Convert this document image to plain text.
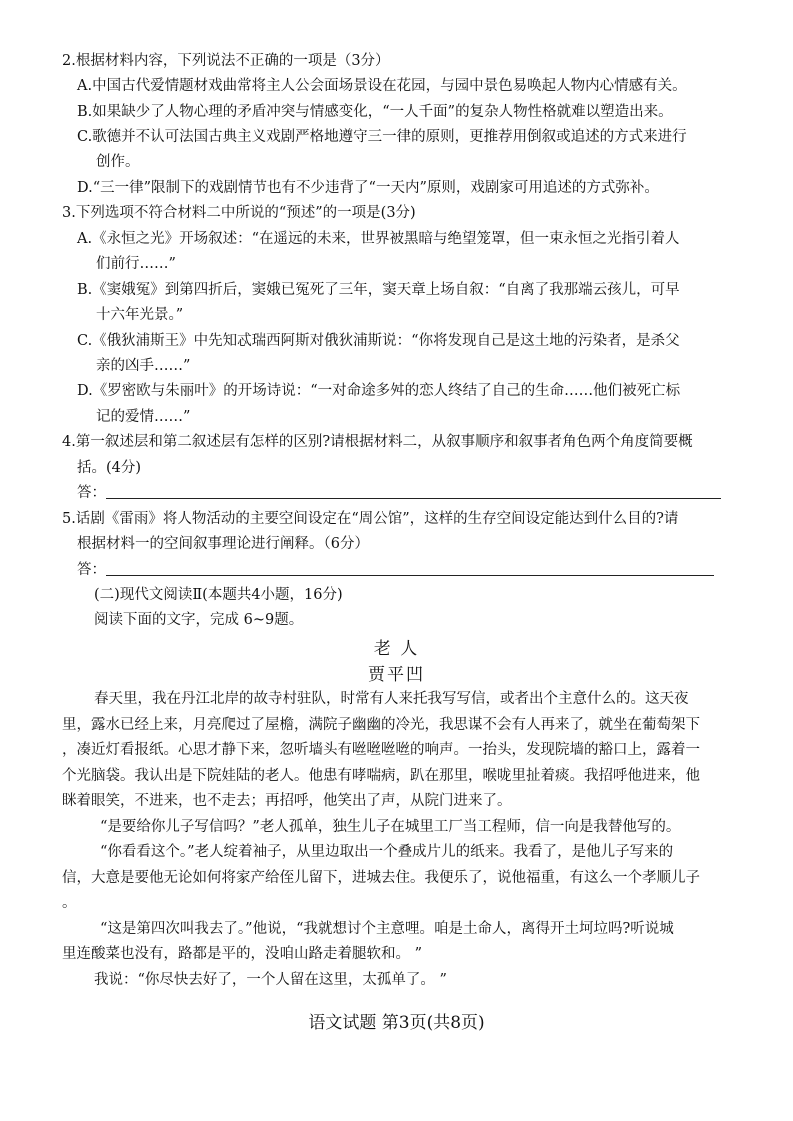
2.根据材料内容，下列说法不正确的一项是（3分）
A.中国古代爱情题材戏曲常将主人公会面场景设在花园，与园中景色易唤起人物内心情感有关。
B.如果缺少了人物心理的矛盾冲突与情感变化，“一人千面”的复杂人物性格就难以塑造出来。
C.歌德并不认可法国古典主义戏剧严格地遵守三一律的原则，更推荐用倒叙或追述的方式来进行
创作。
D.“三一律”限制下的戏剧情节也有不少违背了“一天内”原则，戏剧家可用追述的方式弥补。
3.下列选项不符合材料二中所说的“预述”的一项是(3分)
A.《永恒之光》开场叙述：“在遥远的未来，世界被黑暗与绝望笼罩，但一束永恒之光指引着人
们前行……”
B.《窦娥冤》到第四折后，窦娥已冤死了三年，窦天章上场自叙：“自离了我那端云孩儿，可早
十六年光景。”
C.《俄狄浦斯王》中先知忒瑞西阿斯对俄狄浦斯说：“你将发现自己是这土地的污染者，是杀父
亲的凶手……”
D.《罗密欧与朱丽叶》的开场诗说：“一对命途多舛的恋人终结了自己的生命……他们被死亡标
记的爱情……”
4.第一叙述层和第二叙述层有怎样的区别?请根据材料二，从叙事顺序和叙事者角色两个角度简要概
括。(4分)
答：
5.话剧《雷雨》将人物活动的主要空间设定在“周公馆”，这样的生存空间设定能达到什么目的?请
根据材料一的空间叙事理论进行阐释。（6分）
答：
(二)现代文阅读Ⅱ(本题共4小题，16分)
阅读下面的文字，完成 6~9题。
老 人
贾平凹
春天里，我在丹江北岸的故寺村驻队，时常有人来托我写写信，或者出个主意什么的。这天夜
里，露水已经上来，月亮爬过了屋檐，满院子幽幽的冷光，我思谋不会有人再来了，就坐在葡萄架下
，凑近灯看报纸。心思才静下来，忽听墙头有咝咝咝咝的响声。一抬头，发现院墙的豁口上，露着一
个光脑袋。我认出是下院娃陆的老人。他患有哮喘病，趴在那里，喉咙里扯着痰。我招呼他进来，他
眯着眼笑，不进来，也不走去；再招呼，他笑出了声，从院门进来了。
“是要给你儿子写信吗？”老人孤单，独生儿子在城里工厂当工程师，信一向是我替他写的。
“你看看这个。”老人绽着袖子，从里边取出一个叠成片儿的纸来。我看了，是他儿子写来的
信，大意是要他无论如何将家产给侄儿留下，进城去住。我便乐了，说他福重，有这么一个孝顺儿子
。
“这是第四次叫我去了。”他说，“我就想讨个主意哩。咱是土命人，离得开土坷垃吗?听说城
里连酸菜也没有，路都是平的，没咱山路走着腿软和。 ”
我说：“你尽快去好了，一个人留在这里，太孤单了。 ”
语文试题 第3页(共8页)
